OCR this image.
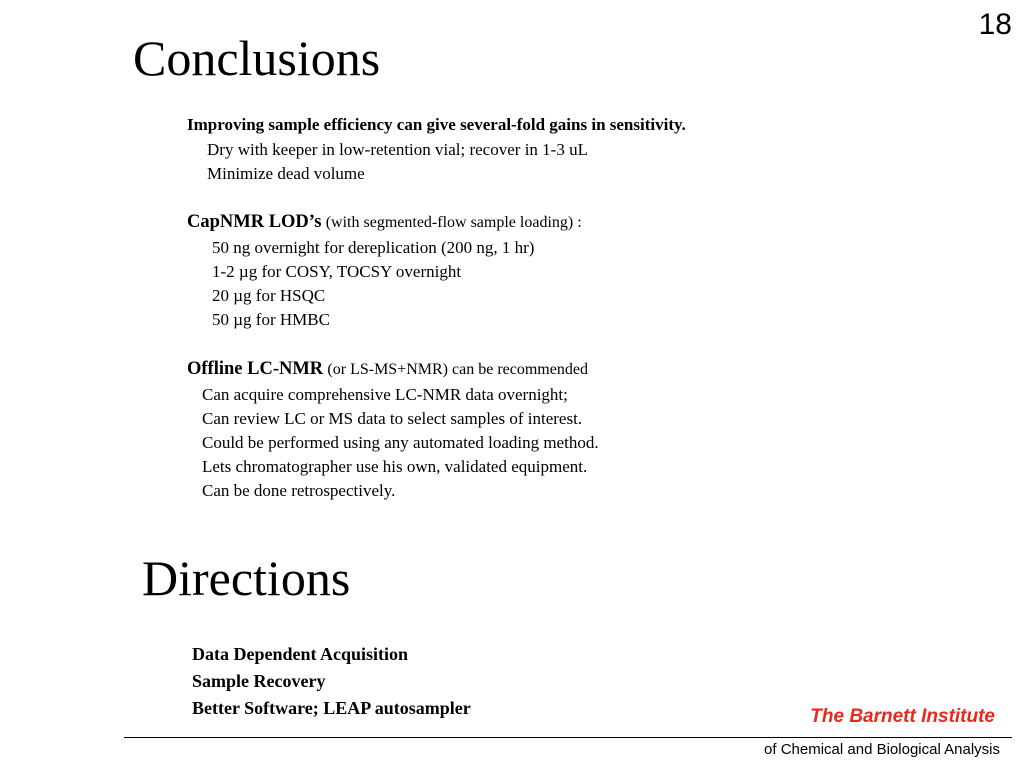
18
Conclusions
Improving sample efficiency can give several-fold gains in sensitivity.
Dry with keeper in low-retention vial; recover in 1-3 uL
Minimize dead volume
CapNMR LOD’s (with segmented-flow sample loading) :
50 ng overnight for dereplication (200 ng, 1 hr)
1-2 µg for COSY, TOCSY overnight
20 µg for HSQC
50 µg for HMBC
Offline LC-NMR (or LS-MS+NMR) can be recommended
Can acquire comprehensive LC-NMR data overnight;
Can review LC or MS data to select samples of interest.
Could be performed using any automated loading method.
Lets chromatographer use his own, validated equipment.
Can be done retrospectively.
Directions
Data Dependent Acquisition
Sample Recovery
Better Software; LEAP autosampler	The Barnett Institute
of Chemical and Biological Analysis
